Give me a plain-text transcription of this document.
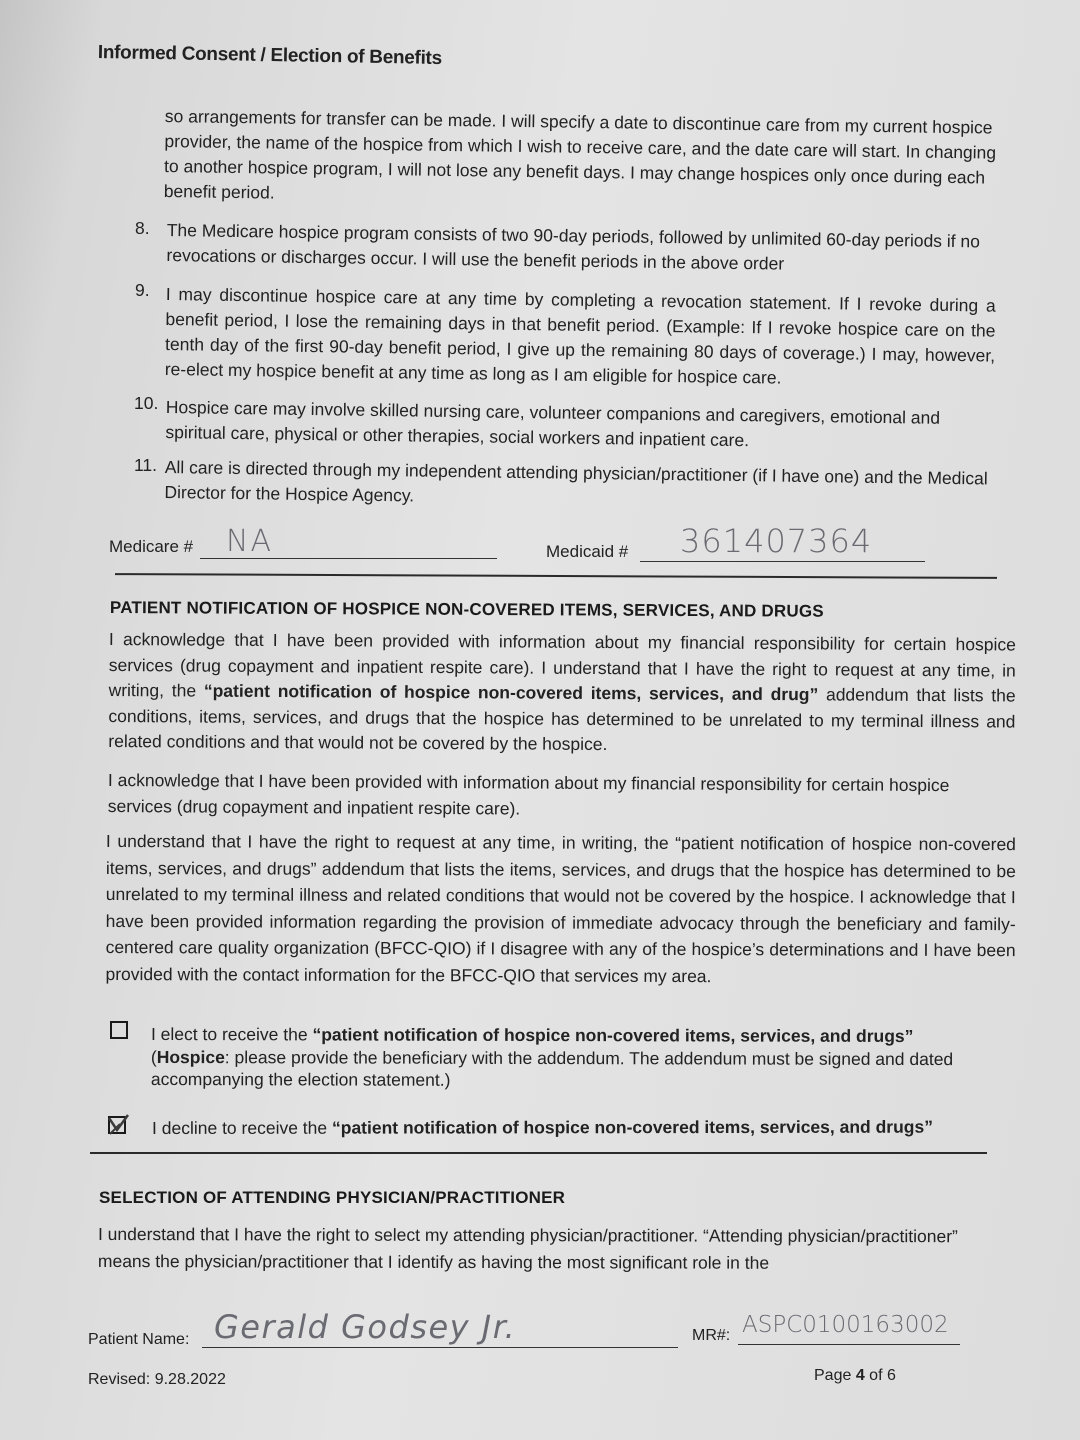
Informed Consent / Election of Benefits
so arrangements for transfer can be made. I will specify a date to discontinue care from my current hospice provider, the name of the hospice from which I wish to receive care, and the date care will start. In changing to another hospice program, I will not lose any benefit days. I may change hospices only once during each benefit period.
8. The Medicare hospice program consists of two 90-day periods, followed by unlimited 60-day periods if no revocations or discharges occur. I will use the benefit periods in the above order
9. I may discontinue hospice care at any time by completing a revocation statement. If I revoke during a benefit period, I lose the remaining days in that benefit period. (Example: If I revoke hospice care on the tenth day of the first 90-day benefit period, I give up the remaining 80 days of coverage.) I may, however, re-elect my hospice benefit at any time as long as I am eligible for hospice care.
10. Hospice care may involve skilled nursing care, volunteer companions and caregivers, emotional and spiritual care, physical or other therapies, social workers and inpatient care.
11. All care is directed through my independent attending physician/practitioner (if I have one) and the Medical Director for the Hospice Agency.
Medicare # NA	Medicaid # 361407364
PATIENT NOTIFICATION OF HOSPICE NON-COVERED ITEMS, SERVICES, AND DRUGS
I acknowledge that I have been provided with information about my financial responsibility for certain hospice services (drug copayment and inpatient respite care). I understand that I have the right to request at any time, in writing, the “patient notification of hospice non-covered items, services, and drug” addendum that lists the conditions, items, services, and drugs that the hospice has determined to be unrelated to my terminal illness and related conditions and that would not be covered by the hospice.
I acknowledge that I have been provided with information about my financial responsibility for certain hospice services (drug copayment and inpatient respite care).
I understand that I have the right to request at any time, in writing, the “patient notification of hospice non-covered items, services, and drugs” addendum that lists the items, services, and drugs that the hospice has determined to be unrelated to my terminal illness and related conditions that would not be covered by the hospice. I acknowledge that I have been provided information regarding the provision of immediate advocacy through the beneficiary and family-centered care quality organization (BFCC-QIO) if I disagree with any of the hospice’s determinations and I have been provided with the contact information for the BFCC-QIO that services my area.
I elect to receive the “patient notification of hospice non-covered items, services, and drugs” (Hospice: please provide the beneficiary with the addendum. The addendum must be signed and dated accompanying the election statement.)
I decline to receive the “patient notification of hospice non-covered items, services, and drugs”
SELECTION OF ATTENDING PHYSICIAN/PRACTITIONER
I understand that I have the right to select my attending physician/practitioner. “Attending physician/practitioner” means the physician/practitioner that I identify as having the most significant role in the
Patient Name: Gerald Godsey Jr.	MR#: ASPC0100163002
Revised: 9.28.2022	Page 4 of 6
